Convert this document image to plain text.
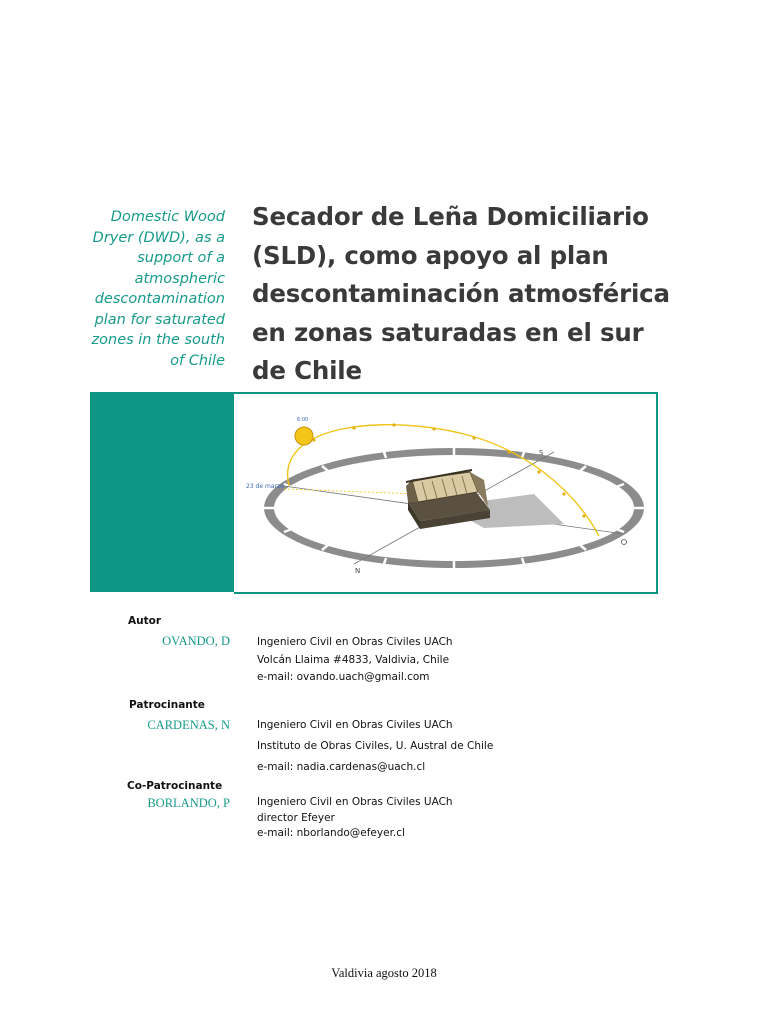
Domestic Wood Dryer (DWD), as a support of a atmospheric descontamination plan for saturated zones in the south of Chile
Secador de Leña Domiciliario (SLD), como apoyo al plan descontaminación atmosférica en zonas saturadas en el sur de Chile
6:00
23 de marzo
S
N
Autor
OVANDO, D	Ingeniero Civil en Obras Civiles UACh
Volcán Llaima #4833, Valdivia, Chile
e-mail: ovando.uach@gmail.com
Patrocinante
CARDENAS, N	Ingeniero Civil en Obras Civiles UACh
Instituto de Obras Civiles, U. Austral de Chile
e-mail: nadia.cardenas@uach.cl
Co-Patrocinante
BORLANDO, P	Ingeniero Civil en Obras Civiles UACh
director Efeyer
e-mail: nborlando@efeyer.cl
Valdivia agosto 2018
